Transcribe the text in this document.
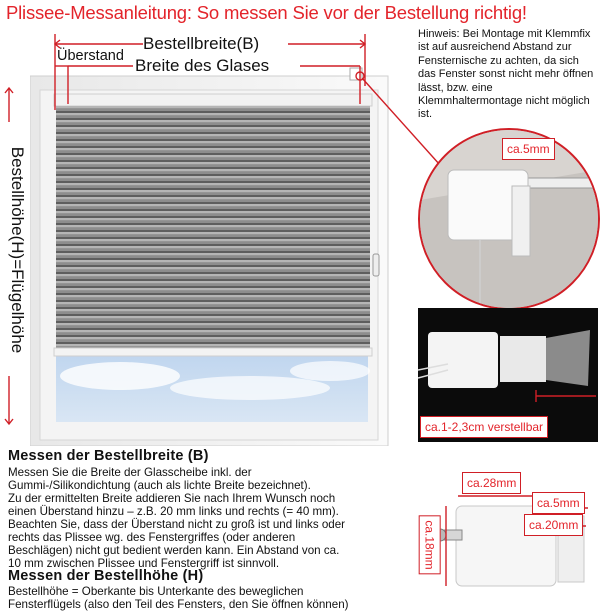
Plissee-Messanleitung: So messen Sie vor der Bestellung richtig!
Bestellbreite(B)
Überstand Breite des Glases
Bestellhöhe(H)=Flügelhöhe
Hinweis: Bei Montage mit Klemmfix ist auf ausreichend Abstand zur Fensternische zu achten, da sich das Fenster sonst nicht mehr öffnen lässt, bzw. eine Klemmhaltermontage nicht möglich ist.
ca.5mm
ca.1-2,3cm verstellbar
ca.28mm
ca.5mm
ca.20mm
ca.18mm
Messen der Bestellbreite (B)
Messen Sie die Breite der Glasscheibe inkl. der
Gummi-/Silikondichtung (auch als lichte Breite bezeichnet).
Zu der ermittelten Breite addieren Sie nach Ihrem Wunsch noch
einen Überstand hinzu – z.B. 20 mm links und rechts (= 40 mm).
Beachten Sie, dass der Überstand nicht zu groß ist und links oder
rechts das Plissee wg. des Fenstergriffes (oder anderen
Beschlägen) nicht gut bedient werden kann. Ein Abstand von ca.
10 mm zwischen Plissee und Fenstergriff ist sinnvoll.
Messen der Bestellhöhe (H)
Bestellhöhe = Oberkante bis Unterkante des beweglichen
Fensterflügels (also den Teil des Fensters, den Sie öffnen können)
